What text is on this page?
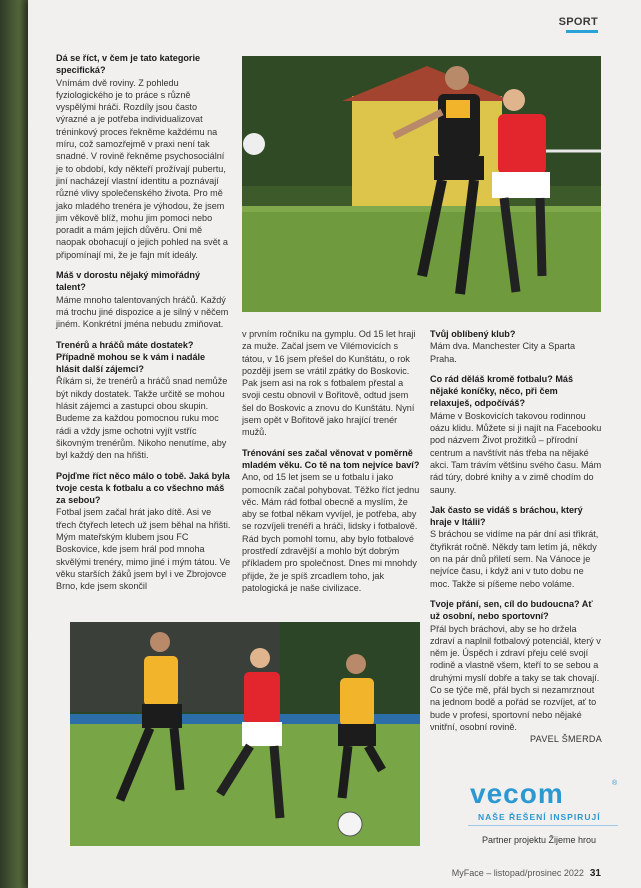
SPORT

Dá se říct, v čem je tato kategorie specifická?
Vnímám dvě roviny. Z pohledu fyziologického je to práce s různě vyspělými hráči. Rozdíly jsou často výrazné a je potřeba individualizovat tréninkový proces řekněme každému na míru, což samozřejmě v praxi není tak snadné. V rovině řekněme psychosociální je to období, kdy někteří prožívají pubertu, jiní nacházejí vlastní identitu a poznávají různé vlivy společenského života. Pro mě jako mladého trenéra je výhodou, že jsem jim věkově blíž, mohu jim pomoci nebo poradit a mám jejich důvěru. Oni mě naopak obohacují o jejich pohled na svět a připomínají mi, že je fajn mít ideály.

Máš v dorostu nějaký mimořádný talent?
Máme mnoho talentovaných hráčů. Každý má trochu jiné dispozice a je silný v něčem jiném. Konkrétní jména nebudu zmiňovat.

Trenérů a hráčů máte dostatek? Případně mohou se k vám i nadále hlásit další zájemci?
Říkám si, že trenérů a hráčů snad nemůže být nikdy dostatek. Takže určitě se mohou hlásit zájemci a zastupci obou skupin. Budeme za každou pomocnou ruku moc rádi a vždy jsme ochotni vyjít vstříc šikovným trenérům. Nikoho nenutíme, aby byl každý den na hřišti.

Pojďme říct něco málo o tobě. Jaká byla tvoje cesta k fotbalu a co všechno máš za sebou?
Fotbal jsem začal hrát jako dítě. Asi ve třech čtyřech letech už jsem běhal na hřišti. Mým mateřským klubem jsou FC Boskovice, kde jsem hrál pod mnoha skvělými trenéry, mimo jiné i mým tátou. Ve věku starších žáků jsem byl i ve Zbrojovce Brno, kde jsem skončil

v prvním ročníku na gymplu. Od 15 let hraji za muže. Začal jsem ve Vilémovicích s tátou, v 16 jsem přešel do Kunštátu, o rok později jsem se vrátil zpátky do Boskovic. Pak jsem asi na rok s fotbalem přestal a svoji cestu obnovil v Bořitově, odtud jsem šel do Boskovic a znovu do Kunštátu. Nyní jsem opět v Bořitově jako hrající trenér mužů.

Trénování ses začal věnovat v poměrně mladém věku. Co tě na tom nejvíce baví?
Ano, od 15 let jsem se u fotbalu i jako pomocník začal pohybovat. Těžko říct jednu věc. Mám rád fotbal obecně a myslím, že aby se fotbal někam vyvíjel, je potřeba, aby se rozvíjeli trenéři a hráči, lidsky i fotbalově. Rád bych pomohl tomu, aby bylo fotbalové prostředí zdravější a mohlo být dobrým příkladem pro společnost. Dnes mi mnohdy přijde, že je spíš zrcadlem toho, jak patologická je naše civilizace.

Tvůj oblíbený klub?
Mám dva. Manchester City a Sparta Praha.

Co rád děláš kromě fotbalu? Máš nějaké koníčky, něco, při čem relaxuješ, odpočíváš?
Máme v Boskovicích takovou rodinnou oázu klidu. Můžete si ji najít na Facebooku pod názvem Život prožitků – přírodní centrum a navštívit nás třeba na nějaké akci. Tam trávím většinu svého času. Mám rád túry, dobré knihy a v zimě chodím do sauny.

Jak často se vidáš s bráchou, který hraje v Itálii?
S bráchou se vidíme na pár dní asi třikrát, čtyřikrát ročně. Někdy tam letím já, někdy on na pár dnů přiletí sem. Na Vánoce je nejvíce času, i když ani v tuto dobu ne moc. Takže si píšeme nebo voláme.

Tvoje přání, sen, cíl do budoucna? Ať už osobní, nebo sportovní?
Přál bych bráchovi, aby se ho držela zdraví a naplnil fotbalový potenciál, který v něm je. Úspěch i zdraví přeju celé svojí rodině a vlastně všem, kteří to se sebou a druhými myslí dobře a taky se tak chovají. Co se týče mě, přál bych si nezamrznout na jednom bodě a pořád se rozvíjet, ať to bude v profesi, sportovní nebo nějaké vnitřní, osobní rovině.
PAVEL ŠMERDA

vecom	®
NAŠE ŘEŠENÍ INSPIRUJÍ
Partner projektu Žijeme hrou
MyFace – listopad/prosinec 2022 31
